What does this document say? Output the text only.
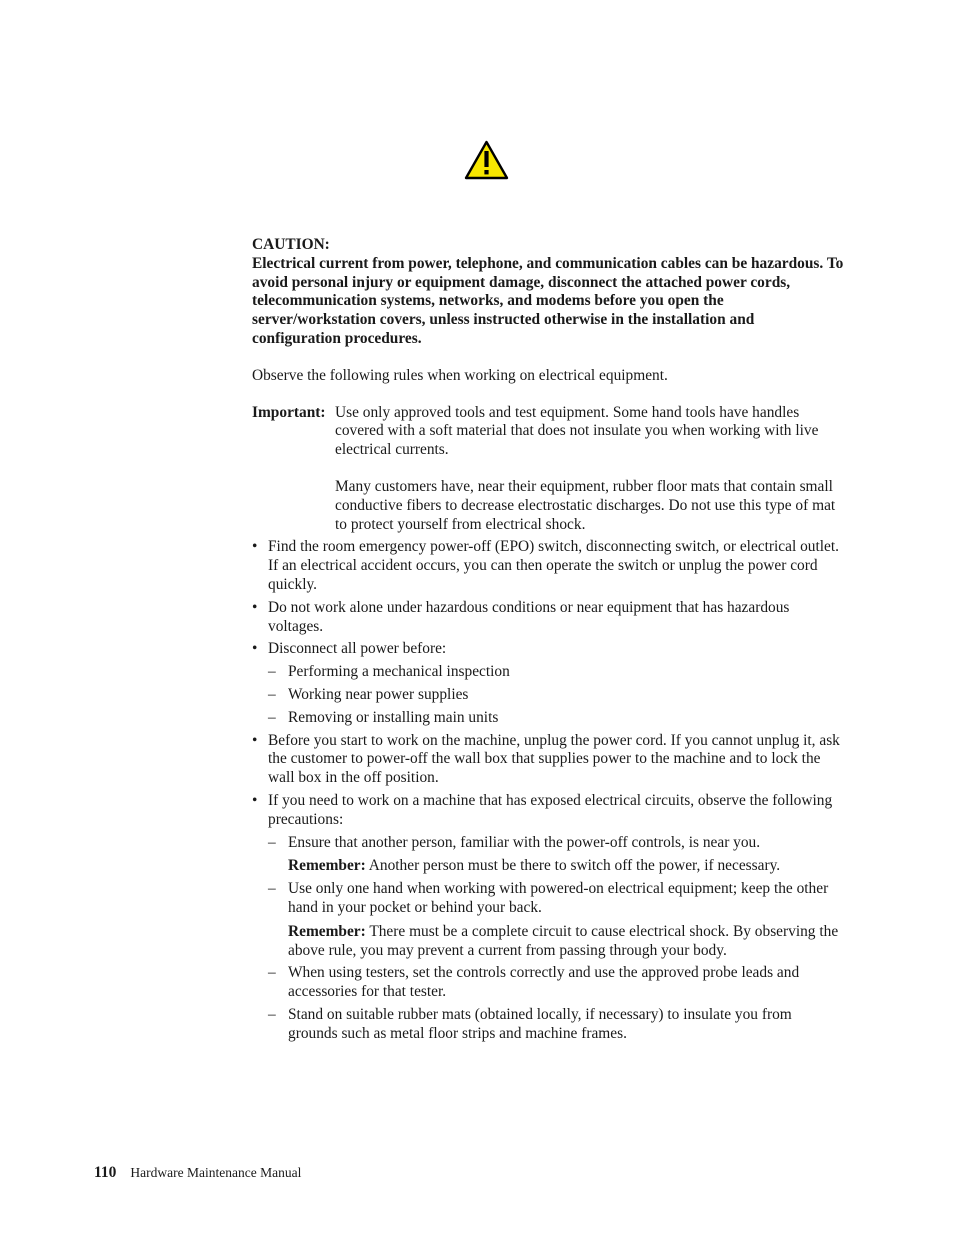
CAUTION:

Electrical current from power, telephone, and communication cables can be hazardous. To avoid personal injury or equipment damage, disconnect the attached power cords, telecommunication systems, networks, and modems before you open the server/workstation covers, unless instructed otherwise in the installation and configuration procedures.

Observe the following rules when working on electrical equipment.

Important: Use only approved tools and test equipment. Some hand tools have handles covered with a soft material that does not insulate you when working with live electrical currents.

Many customers have, near their equipment, rubber floor mats that contain small conductive fibers to decrease electrostatic discharges. Do not use this type of mat to protect yourself from electrical shock.

• Find the room emergency power-off (EPO) switch, disconnecting switch, or electrical outlet. If an electrical accident occurs, you can then operate the switch or unplug the power cord quickly.
• Do not work alone under hazardous conditions or near equipment that has hazardous voltages.
• Disconnect all power before:
– Performing a mechanical inspection
– Working near power supplies
– Removing or installing main units
• Before you start to work on the machine, unplug the power cord. If you cannot unplug it, ask the customer to power-off the wall box that supplies power to the machine and to lock the wall box in the off position.
• If you need to work on a machine that has exposed electrical circuits, observe the following precautions:
– Ensure that another person, familiar with the power-off controls, is near you.

Remember: Another person must be there to switch off the power, if necessary.

– Use only one hand when working with powered-on electrical equipment; keep the other hand in your pocket or behind your back.

Remember: There must be a complete circuit to cause electrical shock. By observing the above rule, you may prevent a current from passing through your body.

– When using testers, set the controls correctly and use the approved probe leads and accessories for that tester.
– Stand on suitable rubber mats (obtained locally, if necessary) to insulate you from grounds such as metal floor strips and machine frames.
110 Hardware Maintenance Manual
